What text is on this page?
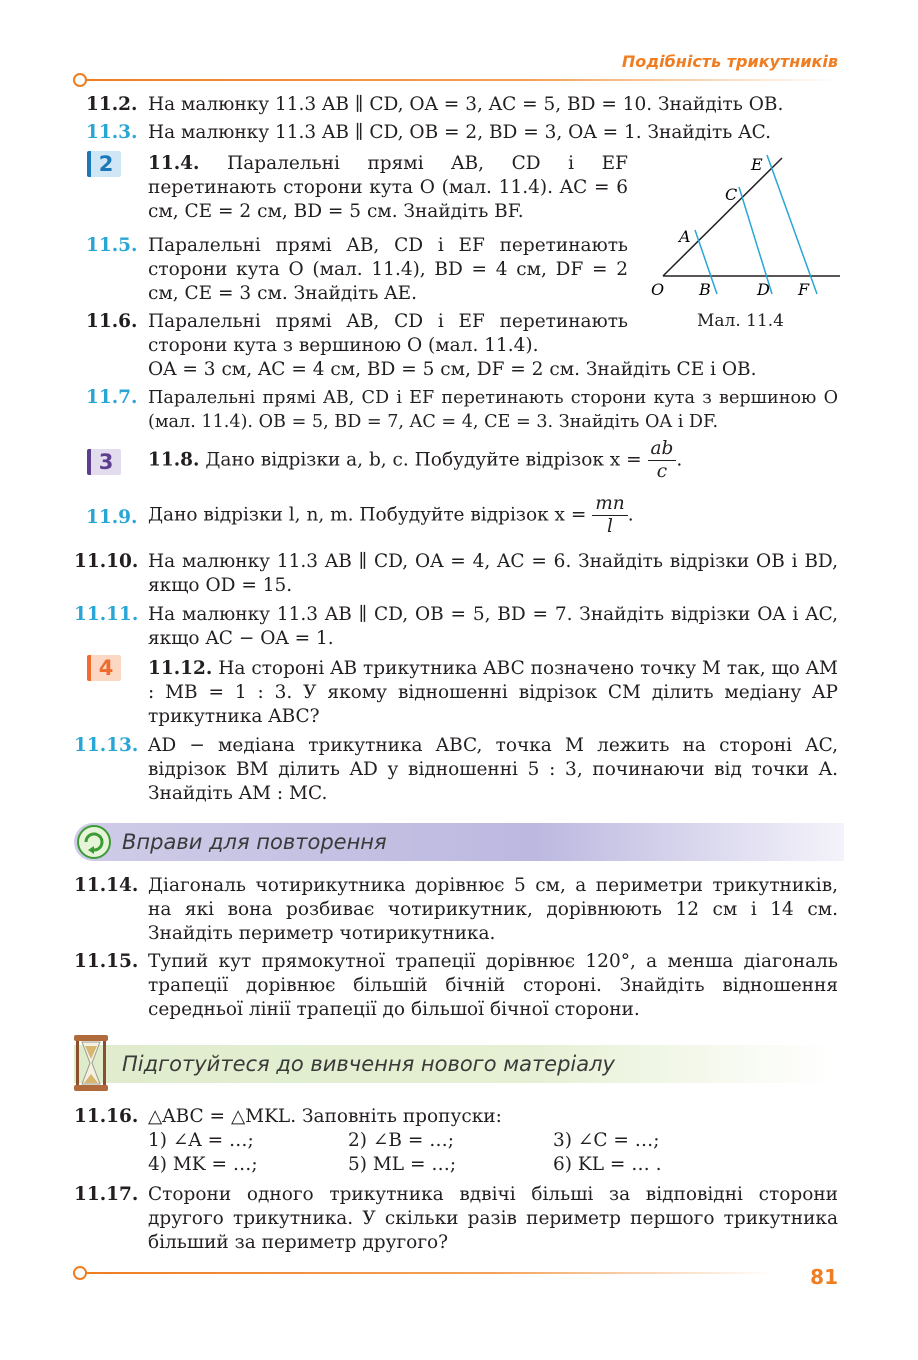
Подібність трикутників
11.2. На малюнку 11.3 AB ∥ CD, OA = 3, AC = 5, BD = 10. Знайдіть OB.
11.3. На малюнку 11.3 AB ∥ CD, OB = 2, BD = 3, OA = 1. Знайдіть AC.
2	11.4. Паралельні прямі AB, CD і EF перетинають сторони кута O (мал. 11.4). AC = 6 см, CE = 2 см, BD = 5 см. Знайдіть BF.
11.5. Паралельні прямі AB, CD і EF перетинають сторони кута O (мал. 11.4), BD = 4 см, DF = 2 см, CE = 3 см. Знайдіть AE.
11.6. Паралельні прямі AB, CD і EF перетинають сторони кута з вершиною O (мал. 11.4).
OA = 3 см, AC = 4 см, BD = 5 см, DF = 2 см. Знайдіть CE і OB.
O
A
B
C
D
E
F
Мал. 11.4
11.7. Паралельні прямі AB, CD і EF перетинають сторони кута з вершиною O (мал. 11.4). OB = 5, BD = 7, AC = 4, CE = 3. Знайдіть OA і DF.
3	11.8. Дано відрізки a, b, c. Побудуйте відрізок $x = \frac{ab}{c}$ .
11.9. Дано відрізки l, n, m. Побудуйте відрізок $x = \frac{mn}{l}$ .
11.10. На малюнку 11.3 AB ∥ CD, OA = 4, AC = 6. Знайдіть відрізки OB і BD, якщо OD = 15.
11.11. На малюнку 11.3 AB ∥ CD, OB = 5, BD = 7. Знайдіть відрізки OA і AC, якщо AC − OA = 1.
4	11.12. На стороні AB трикутника ABC позначено точку M так, що AM : MB = 1 : 3. У якому відношенні відрізок CM ділить медіану AP трикутника ABC?
11.13. AD − медіана трикутника ABC, точка M лежить на стороні AC, відрізок BM ділить AD у відношенні 5 : 3, починаючи від точки A. Знайдіть AM : MC.
Вправи для повторення
11.14. Діагональ чотирикутника дорівнює 5 см, а периметри трикутників, на які вона розбиває чотирикутник, дорівнюють 12 см і 14 см. Знайдіть периметр чотирикутника.
11.15. Тупий кут прямокутної трапеції дорівнює 120°, а менша діагональ трапеції дорівнює більшій бічній стороні. Знайдіть відношення середньої лінії трапеції до більшої бічної сторони.
Підготуйтеся до вивчення нового матеріалу
11.16. △ABC = △MKL. Заповніть пропуски:
1) ∠A = …;	2) ∠B = …;	3) ∠C = …;
4) MK = …;	5) ML = …;	6) KL = … .
11.17. Сторони одного трикутника вдвічі більші за відповідні сторони другого трикутника. У скільки разів периметр першого трикутника більший за периметр другого?
81
